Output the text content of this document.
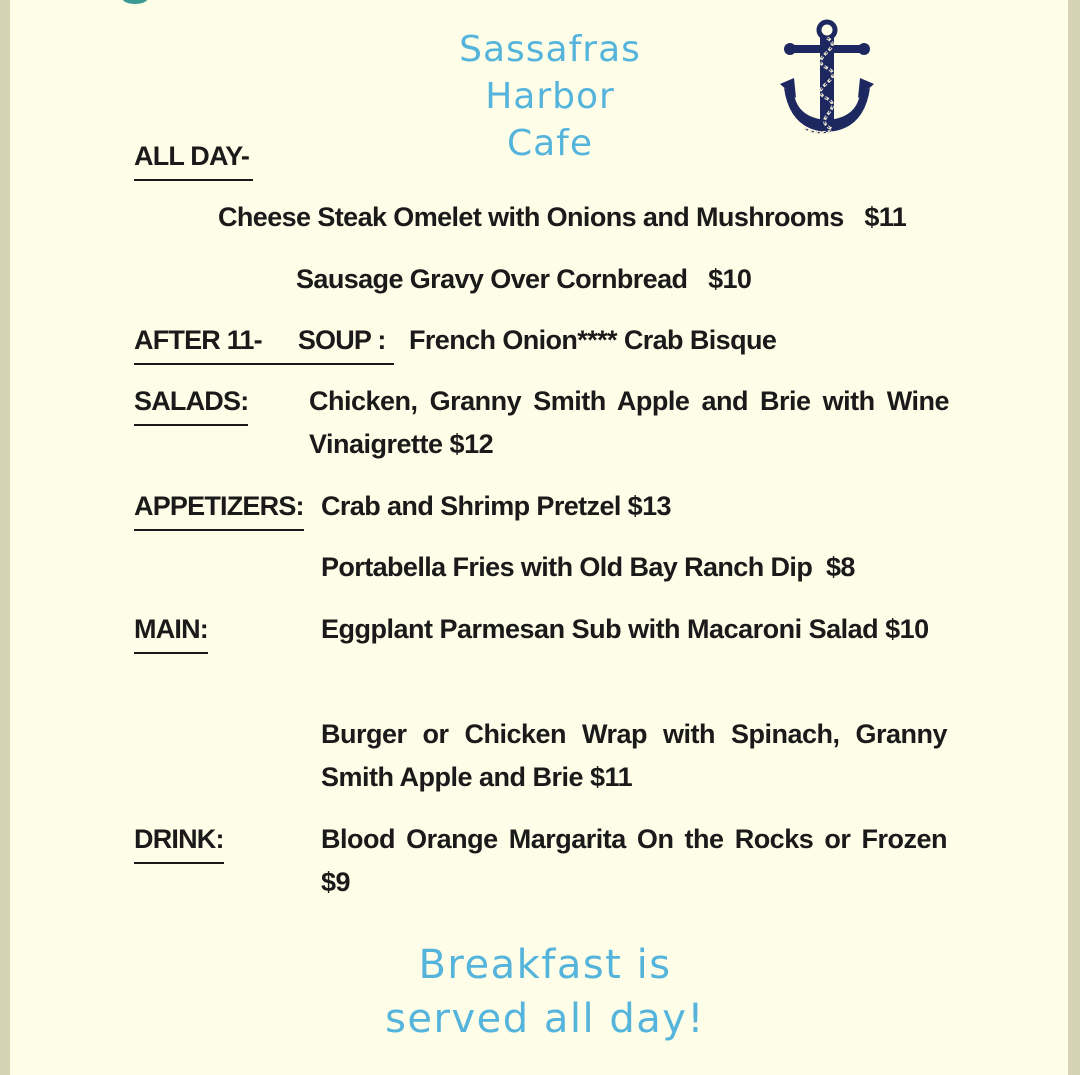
Sassafras Harbor
Cafe
ALL DAY-
Cheese Steak Omelet with Onions and Mushrooms   $11
Sausage Gravy Over Cornbread   $10
AFTER 11- SOUP : French Onion**** Crab Bisque
SALADS: Chicken, Granny Smith Apple and Brie with Wine Vinaigrette $12
APPETIZERS: Crab and Shrimp Pretzel $13
Portabella Fries with Old Bay Ranch Dip  $8
MAIN:	Eggplant Parmesan Sub with Macaroni Salad $10
Burger or Chicken Wrap with Spinach, Granny Smith Apple and Brie $11
DRINK:	Blood Orange Margarita On the Rocks or Frozen $9
Breakfast is
served all day!
